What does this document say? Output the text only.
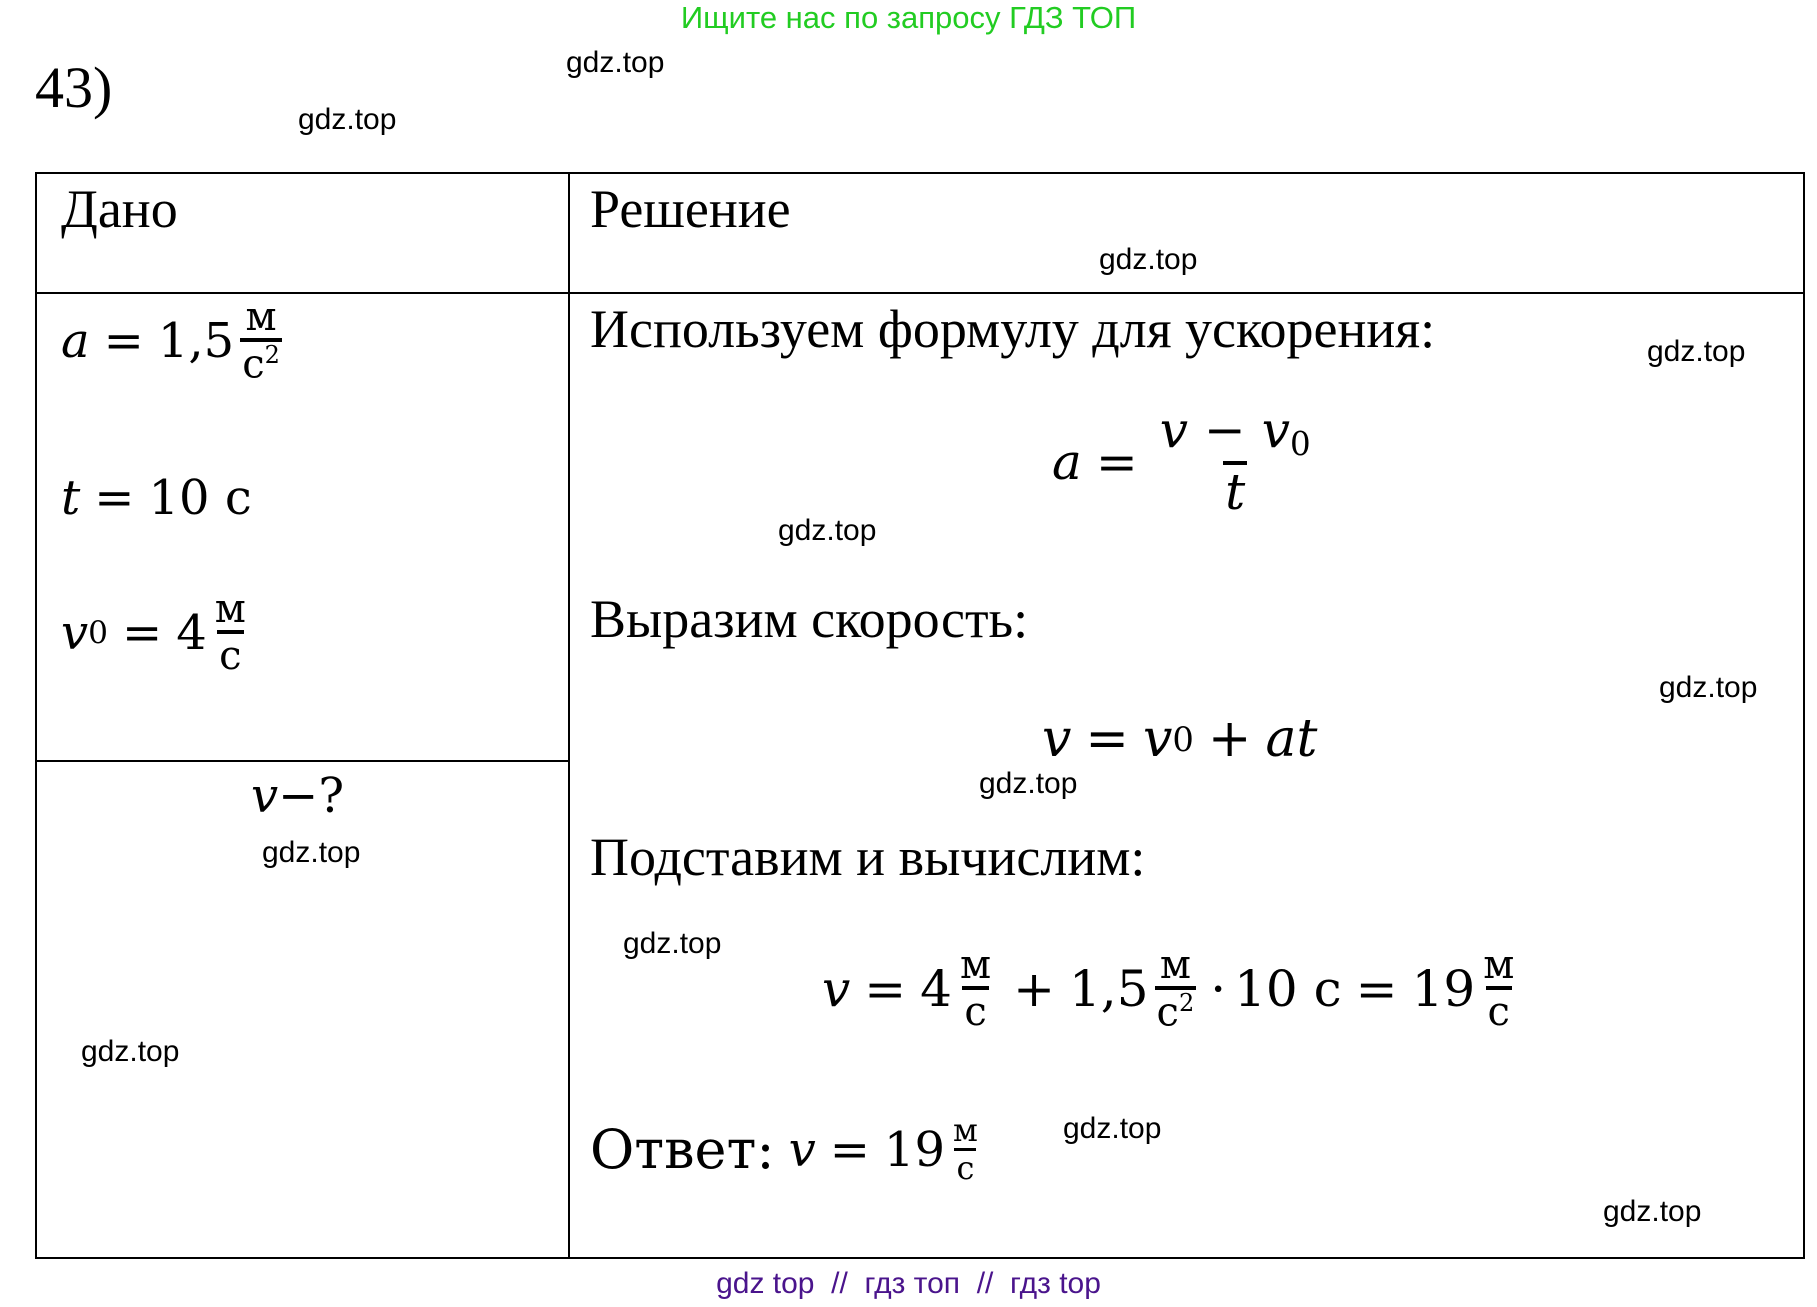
Ищите нас по запросу ГДЗ ТОП
43)
Дано	Решение
$a = 1,5 \frac{м}{с^2}$
t = 10 с
v $0 = 4 \frac{м}{с}$
v −?
Используем формулу для ускорения:
$a = \frac{v - v_0}{t}$
Выразим скорость:
v = v 0 + at
Подставим и вычислим:
$v = 4 \frac{м}{с} + 1,5 \frac{м}{с^2} \cdot 10$ $с = 19 \frac{м}{с}$
Ответ: $v = 19 \frac{м}{с}$
gdz.top
gdz.top
gdz.top
gdz.top
gdz.top
gdz.top
gdz.top
gdz.top
gdz.top
gdz.top
gdz.top
gdz.top
gdz top  //  гдз топ  //  гдз top
